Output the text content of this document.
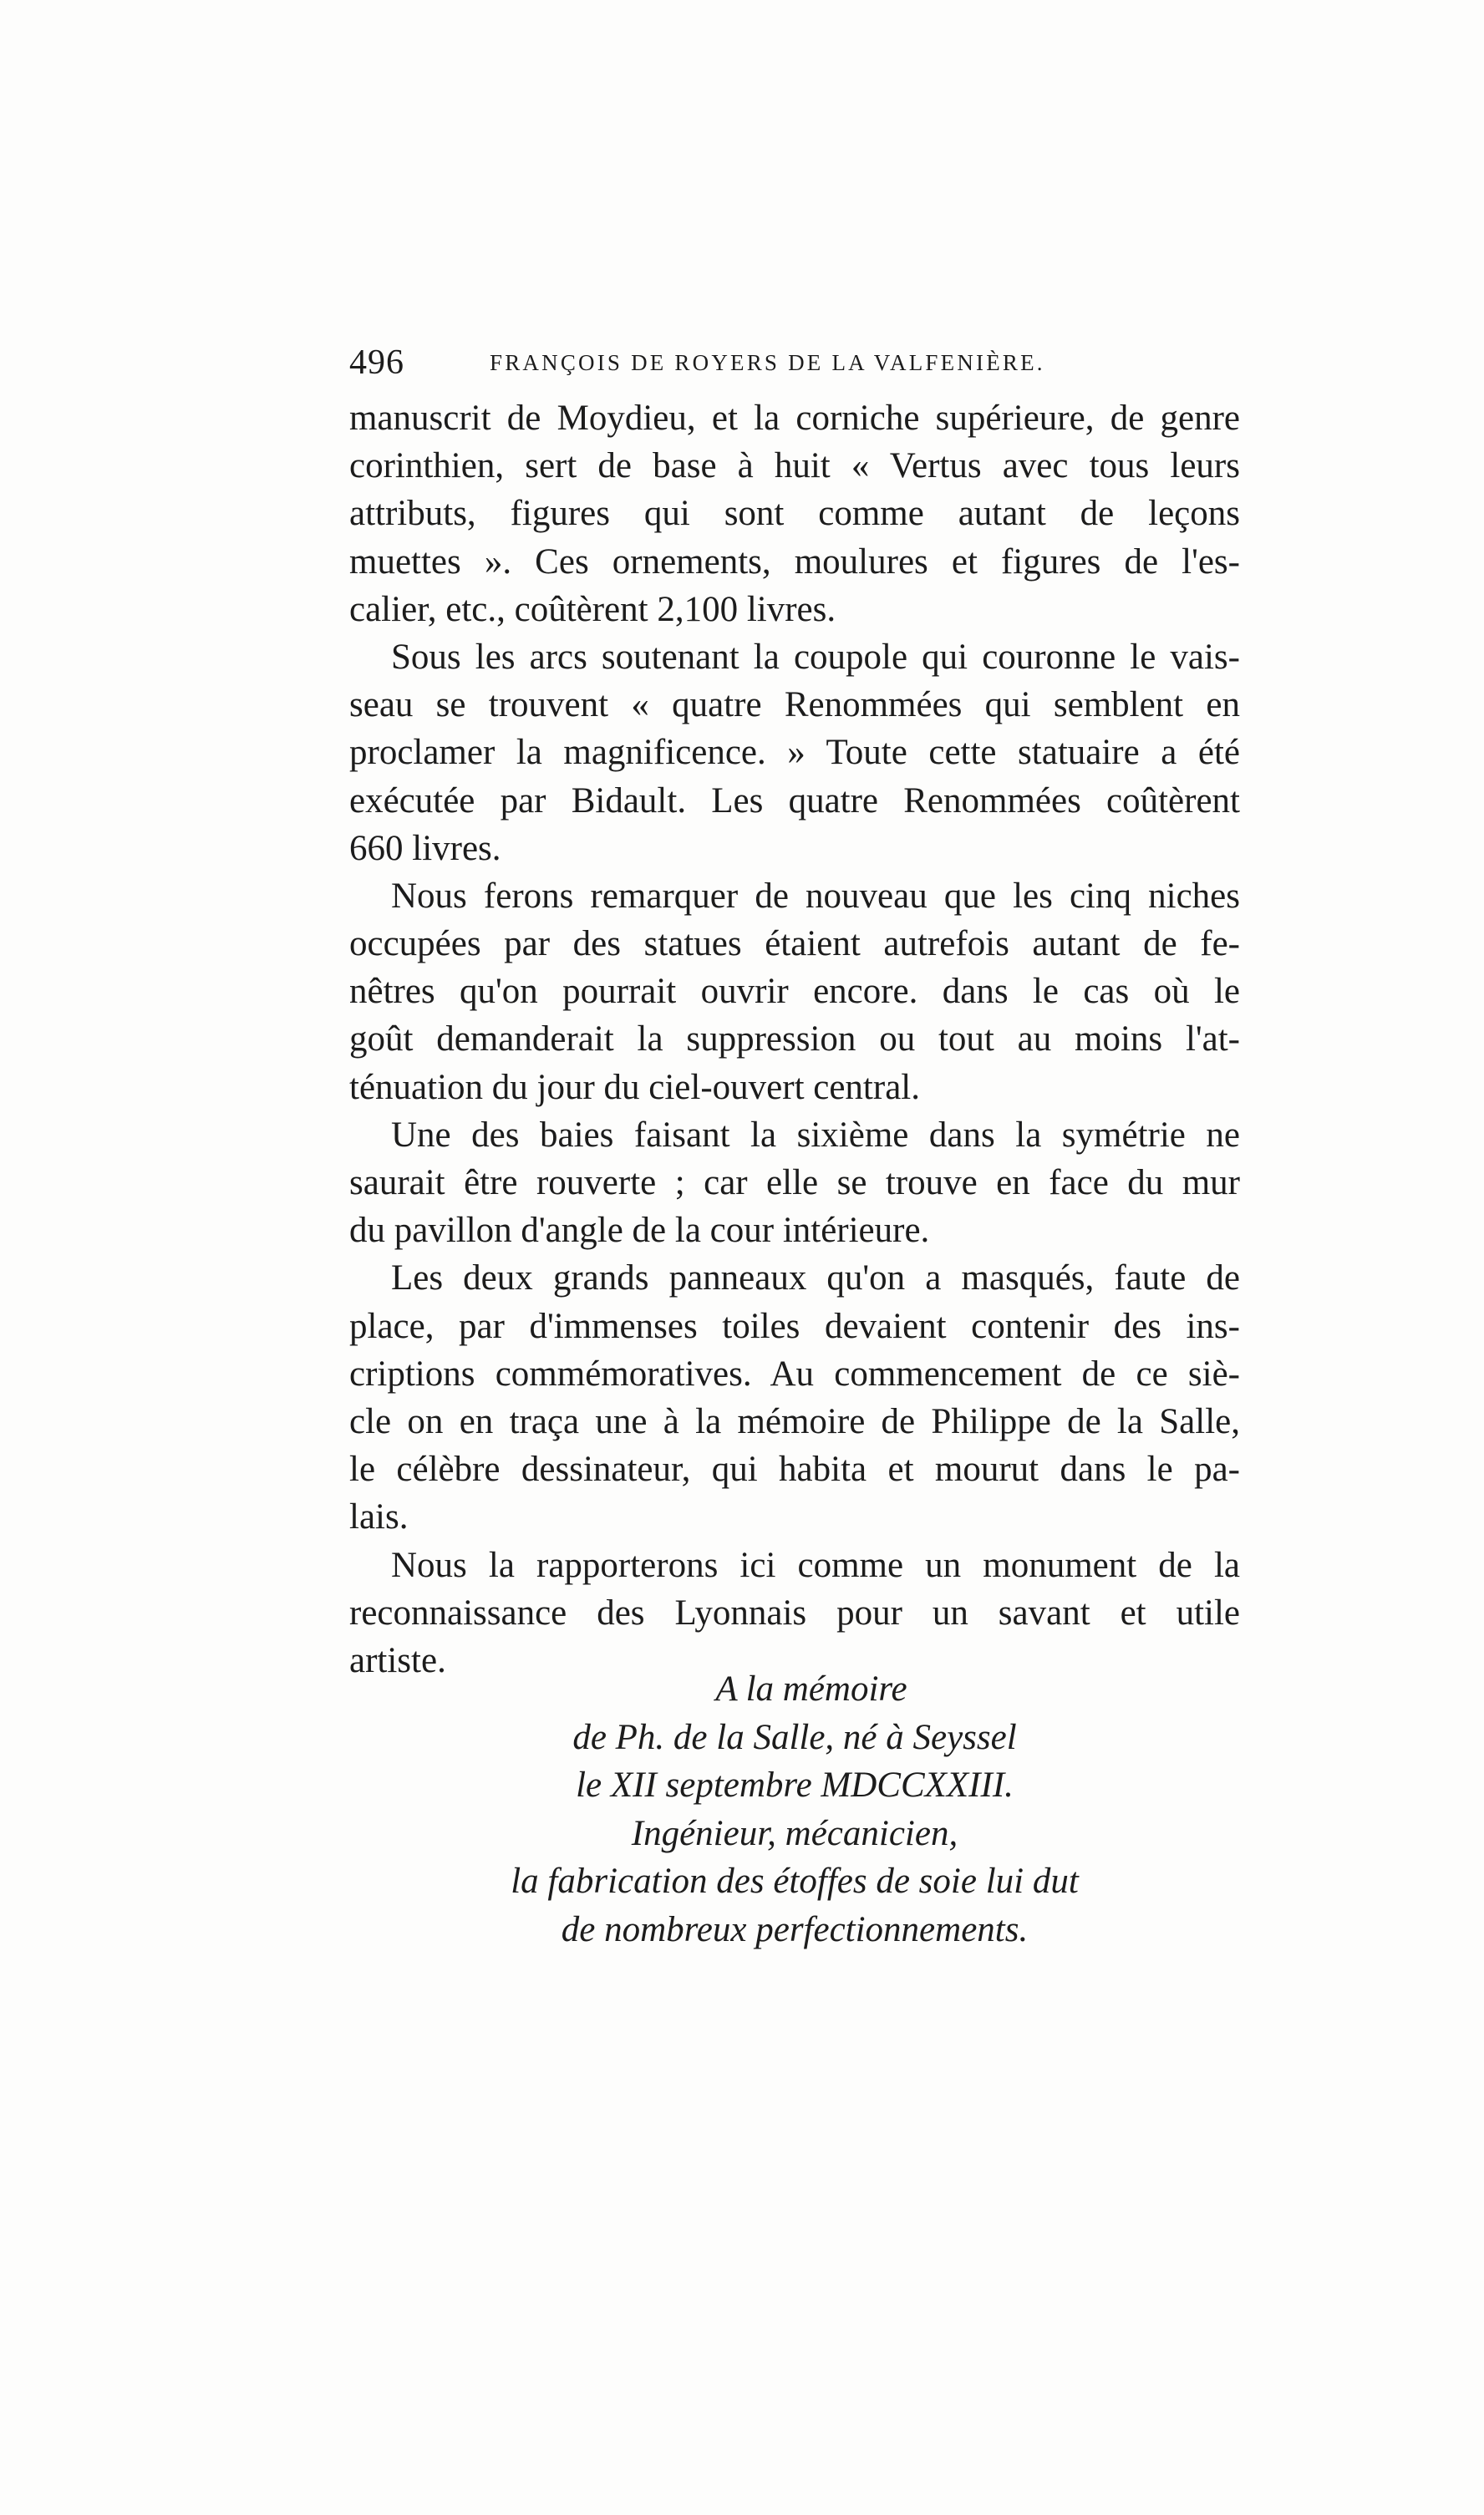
496	FRANÇOIS DE ROYERS DE LA VALFENIÈRE.

manuscrit de Moydieu, et la corniche supérieure, de genre
corinthien, sert de base à huit « Vertus avec tous leurs
attributs, figures qui sont comme autant de leçons
muettes ». Ces ornements, moulures et figures de l'es-
calier, etc., coûtèrent 2,100 livres.

Sous les arcs soutenant la coupole qui couronne le vais-
seau se trouvent « quatre Renommées qui semblent en
proclamer la magnificence. » Toute cette statuaire a été
exécutée par Bidault. Les quatre Renommées coûtèrent
660 livres.

Nous ferons remarquer de nouveau que les cinq niches
occupées par des statues étaient autrefois autant de fe-
nêtres qu'on pourrait ouvrir encore. dans le cas où le
goût demanderait la suppression ou tout au moins l'at-
ténuation du jour du ciel-ouvert central.

Une des baies faisant la sixième dans la symétrie ne
saurait être rouverte ; car elle se trouve en face du mur
du pavillon d'angle de la cour intérieure.

Les deux grands panneaux qu'on a masqués, faute de
place, par d'immenses toiles devaient contenir des ins-
criptions commémoratives. Au commencement de ce siè-
cle on en traça une à la mémoire de Philippe de la Salle,
le célèbre dessinateur, qui habita et mourut dans le pa-
lais.

Nous la rapporterons ici comme un monument de la
reconnaissance des Lyonnais pour un savant et utile
artiste.

A la mémoire
de Ph. de la Salle, né à Seyssel
le XII septembre MDCCXXIII.
Ingénieur, mécanicien,
la fabrication des étoffes de soie lui dut
de nombreux perfectionnements.
